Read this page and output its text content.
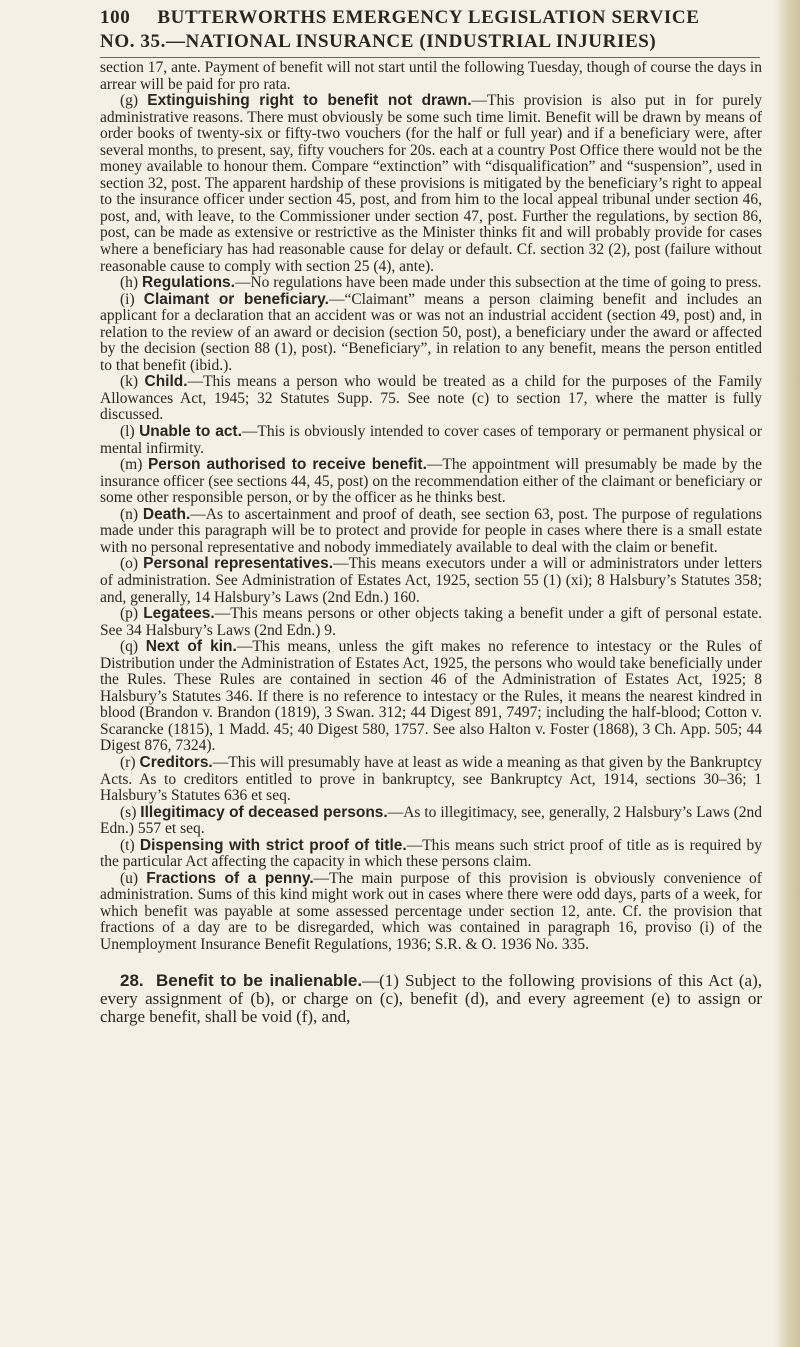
100 BUTTERWORTHS EMERGENCY LEGISLATION SERVICE
NO. 35.—NATIONAL INSURANCE (INDUSTRIAL INJURIES)

section 17, ante. Payment of benefit will not start until the following Tuesday, though of course the days in arrear will be paid for pro rata.

(g) Extinguishing right to benefit not drawn.—This provision is also put in for purely administrative reasons. There must obviously be some such time limit. Benefit will be drawn by means of order books of twenty-six or fifty-two vouchers (for the half or full year) and if a beneficiary were, after several months, to present, say, fifty vouchers for 20s. each at a country Post Office there would not be the money available to honour them. Compare “extinction” with “disqualification” and “suspension”, used in section 32, post. The apparent hardship of these provisions is mitigated by the beneficiary’s right to appeal to the insurance officer under section 45, post, and from him to the local appeal tribunal under section 46, post, and, with leave, to the Commissioner under section 47, post. Further the regulations, by section 86, post, can be made as extensive or restrictive as the Minister thinks fit and will probably provide for cases where a beneficiary has had reasonable cause for delay or default. Cf. section 32 (2), post (failure without reasonable cause to comply with section 25 (4), ante).

(h) Regulations.—No regulations have been made under this subsection at the time of going to press.

(i) Claimant or beneficiary.—“Claimant” means a person claiming benefit and includes an applicant for a declaration that an accident was or was not an industrial accident (section 49, post) and, in relation to the review of an award or decision (section 50, post), a beneficiary under the award or affected by the decision (section 88 (1), post). “Beneficiary”, in relation to any benefit, means the person entitled to that benefit (ibid.).

(k) Child.—This means a person who would be treated as a child for the purposes of the Family Allowances Act, 1945; 32 Statutes Supp. 75. See note (c) to section 17, where the matter is fully discussed.

(l) Unable to act.—This is obviously intended to cover cases of temporary or permanent physical or mental infirmity.

(m) Person authorised to receive benefit.—The appointment will presumably be made by the insurance officer (see sections 44, 45, post) on the recommendation either of the claimant or beneficiary or some other responsible person, or by the officer as he thinks best.

(n) Death.—As to ascertainment and proof of death, see section 63, post. The purpose of regulations made under this paragraph will be to protect and provide for people in cases where there is a small estate with no personal representative and nobody immediately available to deal with the claim or benefit.

(o) Personal representatives.—This means executors under a will or administrators under letters of administration. See Administration of Estates Act, 1925, section 55 (1) (xi); 8 Halsbury’s Statutes 358; and, generally, 14 Halsbury’s Laws (2nd Edn.) 160.

(p) Legatees.—This means persons or other objects taking a benefit under a gift of personal estate. See 34 Halsbury’s Laws (2nd Edn.) 9.

(q) Next of kin.—This means, unless the gift makes no reference to intestacy or the Rules of Distribution under the Administration of Estates Act, 1925, the persons who would take beneficially under the Rules. These Rules are contained in section 46 of the Administration of Estates Act, 1925; 8 Halsbury’s Statutes 346. If there is no reference to intestacy or the Rules, it means the nearest kindred in blood (Brandon v. Brandon (1819), 3 Swan. 312; 44 Digest 891, 7497; including the half-blood; Cotton v. Scarancke (1815), 1 Madd. 45; 40 Digest 580, 1757. See also Halton v. Foster (1868), 3 Ch. App. 505; 44 Digest 876, 7324).

(r) Creditors.—This will presumably have at least as wide a meaning as that given by the Bankruptcy Acts. As to creditors entitled to prove in bankruptcy, see Bankruptcy Act, 1914, sections 30–36; 1 Halsbury’s Statutes 636 et seq.

(s) Illegitimacy of deceased persons.—As to illegitimacy, see, generally, 2 Halsbury’s Laws (2nd Edn.) 557 et seq.

(t) Dispensing with strict proof of title.—This means such strict proof of title as is required by the particular Act affecting the capacity in which these persons claim.

(u) Fractions of a penny.—The main purpose of this provision is obviously convenience of administration. Sums of this kind might work out in cases where there were odd days, parts of a week, for which benefit was payable at some assessed percentage under section 12, ante. Cf. the provision that fractions of a day are to be disregarded, which was contained in paragraph 16, proviso (i) of the Unemployment Insurance Benefit Regulations, 1936; S.R. & O. 1936 No. 335.

28. Benefit to be inalienable.—(1) Subject to the following provisions of this Act (a), every assignment of (b), or charge on (c), benefit (d), and every agreement (e) to assign or charge benefit, shall be void (f), and,
